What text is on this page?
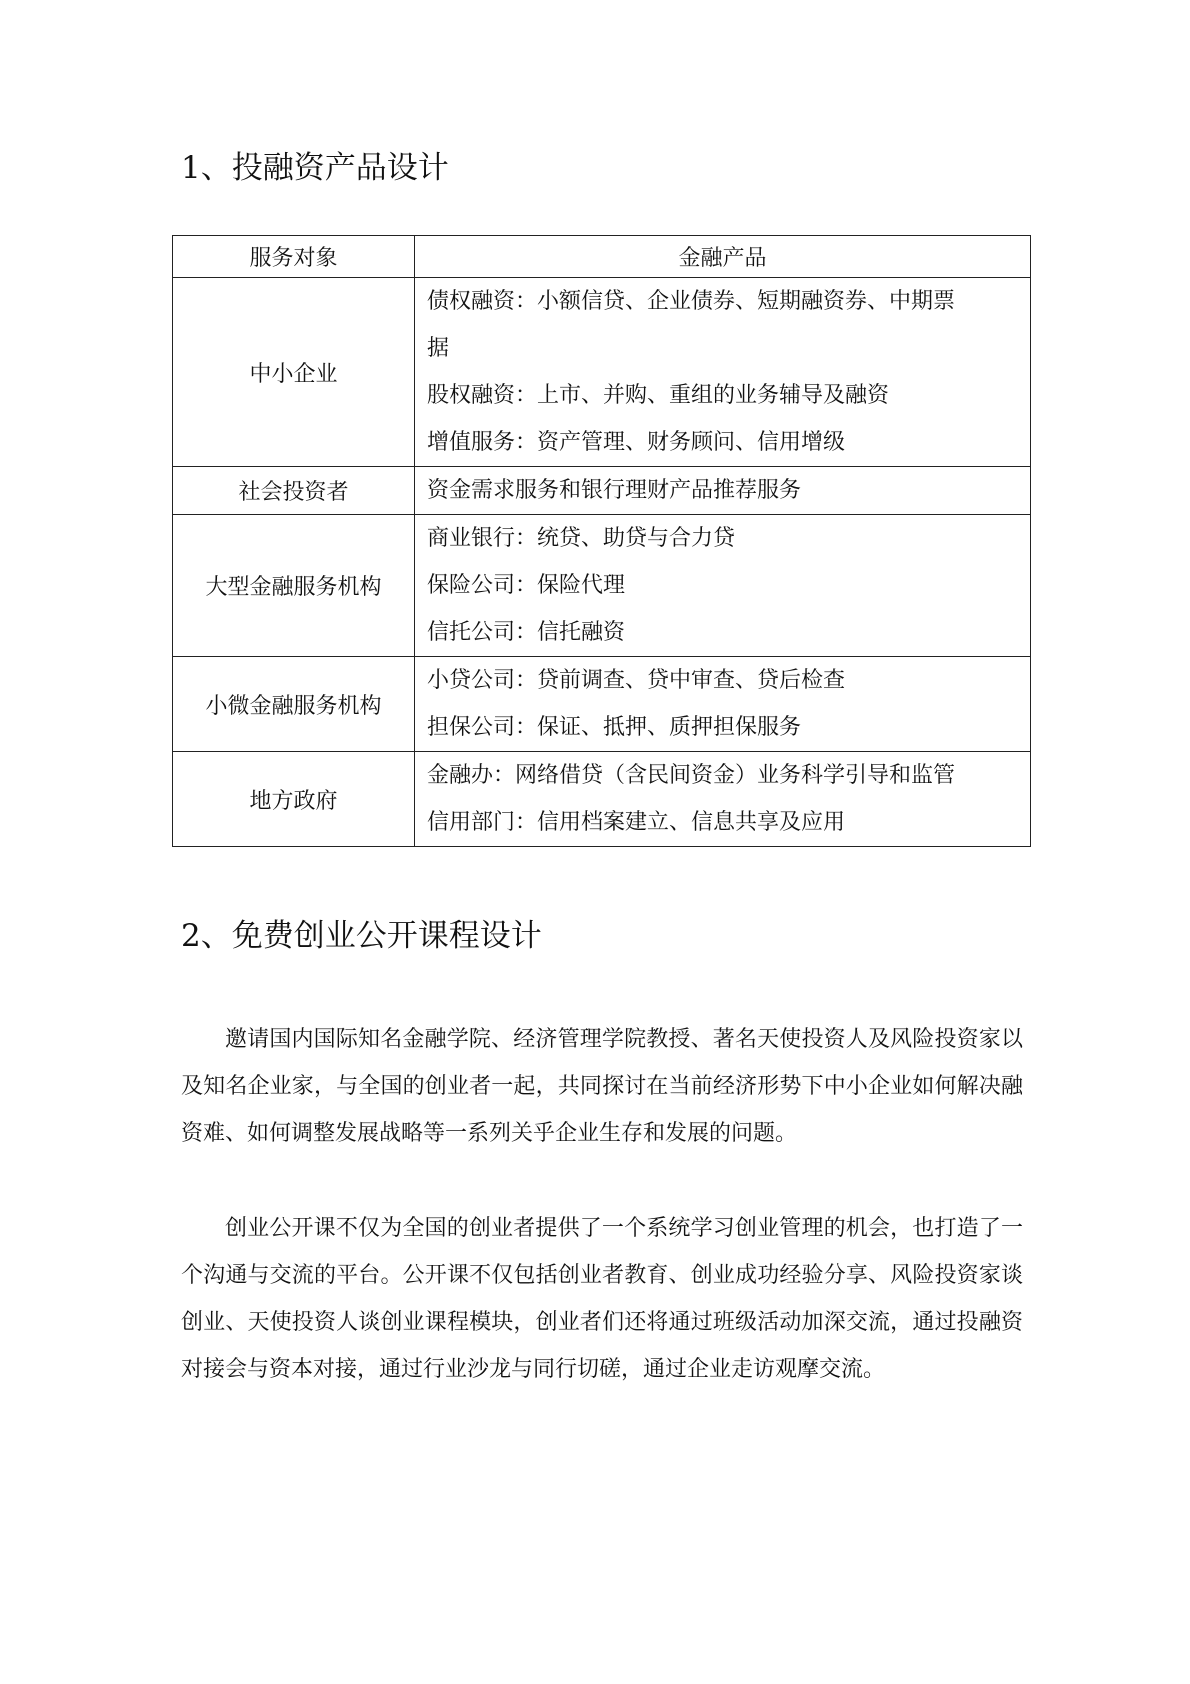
1、投融资产品设计
服务对象	金融产品
中小企业	债权融资：小额信贷、企业债券、短期融资券、中期票
据
股权融资：上市、并购、重组的业务辅导及融资
增值服务：资产管理、财务顾问、信用增级

社会投资者	资金需求服务和银行理财产品推荐服务

大型金融服务机构	商业银行：统贷、助贷与合力贷
保险公司：保险代理
信托公司：信托融资

小微金融服务机构	小贷公司：贷前调查、贷中审查、贷后检查
担保公司：保证、抵押、质押担保服务

地方政府	金融办：网络借贷（含民间资金）业务科学引导和监管
信用部门：信用档案建立、信息共享及应用
2、免费创业公开课程设计

邀请国内国际知名金融学院、经济管理学院教授、著名天使投资人及风险投资家以及知名企业家，与全国的创业者一起，共同探讨在当前经济形势下中小企业如何解决融资难、如何调整发展战略等一系列关乎企业生存和发展的问题。

创业公开课不仅为全国的创业者提供了一个系统学习创业管理的机会，也打造了一个沟通与交流的平台。公开课不仅包括创业者教育、创业成功经验分享、风险投资家谈创业、天使投资人谈创业课程模块，创业者们还将通过班级活动加深交流，通过投融资对接会与资本对接，通过行业沙龙与同行切磋，通过企业走访观摩交流。
